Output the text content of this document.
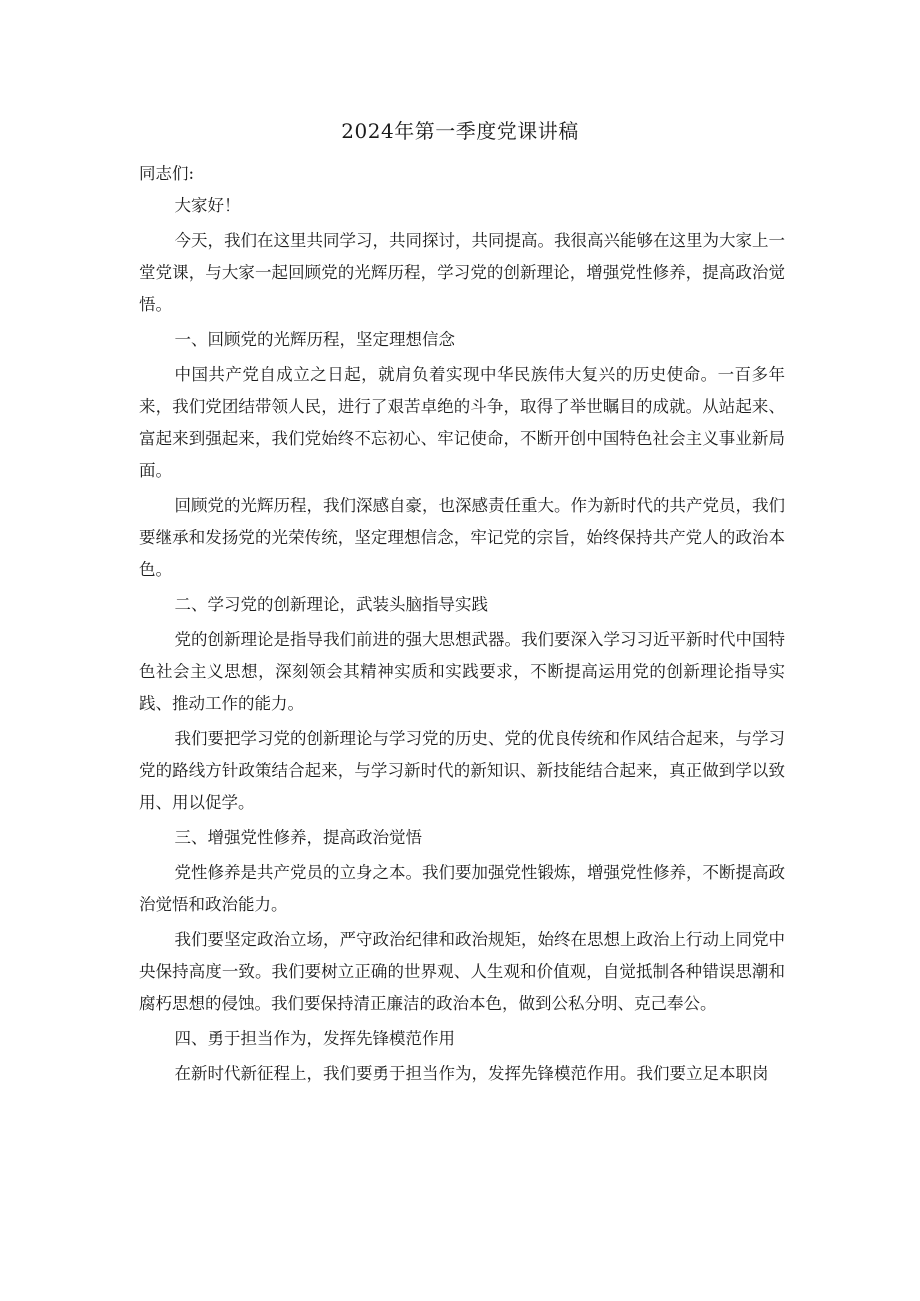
2024年第一季度党课讲稿

同志们:

大家好！

今天，我们在这里共同学习，共同探讨，共同提高。我很高兴能够在这里为大家上一堂党课，与大家一起回顾党的光辉历程，学习党的创新理论，增强党性修养，提高政治觉悟。

一、回顾党的光辉历程，坚定理想信念

中国共产党自成立之日起，就肩负着实现中华民族伟大复兴的历史使命。一百多年来，我们党团结带领人民，进行了艰苦卓绝的斗争，取得了举世瞩目的成就。从站起来、富起来到强起来，我们党始终不忘初心、牢记使命，不断开创中国特色社会主义事业新局面。

回顾党的光辉历程，我们深感自豪，也深感责任重大。作为新时代的共产党员，我们要继承和发扬党的光荣传统，坚定理想信念，牢记党的宗旨，始终保持共产党人的政治本色。

二、学习党的创新理论，武装头脑指导实践

党的创新理论是指导我们前进的强大思想武器。我们要深入学习习近平新时代中国特色社会主义思想，深刻领会其精神实质和实践要求，不断提高运用党的创新理论指导实践、推动工作的能力。

我们要把学习党的创新理论与学习党的历史、党的优良传统和作风结合起来，与学习党的路线方针政策结合起来，与学习新时代的新知识、新技能结合起来，真正做到学以致用、用以促学。

三、增强党性修养，提高政治觉悟

党性修养是共产党员的立身之本。我们要加强党性锻炼，增强党性修养，不断提高政治觉悟和政治能力。

我们要坚定政治立场，严守政治纪律和政治规矩，始终在思想上政治上行动上同党中央保持高度一致。我们要树立正确的世界观、人生观和价值观，自觉抵制各种错误思潮和腐朽思想的侵蚀。我们要保持清正廉洁的政治本色，做到公私分明、克己奉公。

四、勇于担当作为，发挥先锋模范作用

在新时代新征程上，我们要勇于担当作为，发挥先锋模范作用。我们要立足本职岗
